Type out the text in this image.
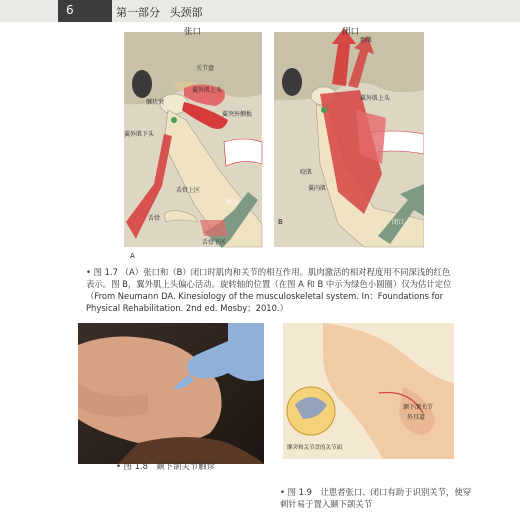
6	第一部分 头颈部
张口	闭口
关节盘
髁状突
翼外肌上头
翼突外侧板
翼外肌下头
舌骨上区
舌骨
舌骨下区
张口
A
颞肌
翼外肌上头
咬肌
翼内肌
闭口
B
• 图 1.7 （A）张口和（B）闭口时肌肉和关节的相互作用。肌肉激活的相对程度用不同深浅的红色表示。图 B，翼外肌上头偏心活动。旋转轴的位置（在图 A 和 B 中示为绿色小圆圈）仅为估计定位（From Neumann DA. Kinesiology of the musculoskeletal system. In：Foundations for Physical Rehabilitation. 2nd ed. Mosby；2010.）
• 图 1.8　颞下颌关节触诊
颞下颌关节
外耳道
髁突和关节盘的关节面
• 图 1.9　让患者张口、闭口有助于识别关节，使穿刺针易于置入颞下颌关节
